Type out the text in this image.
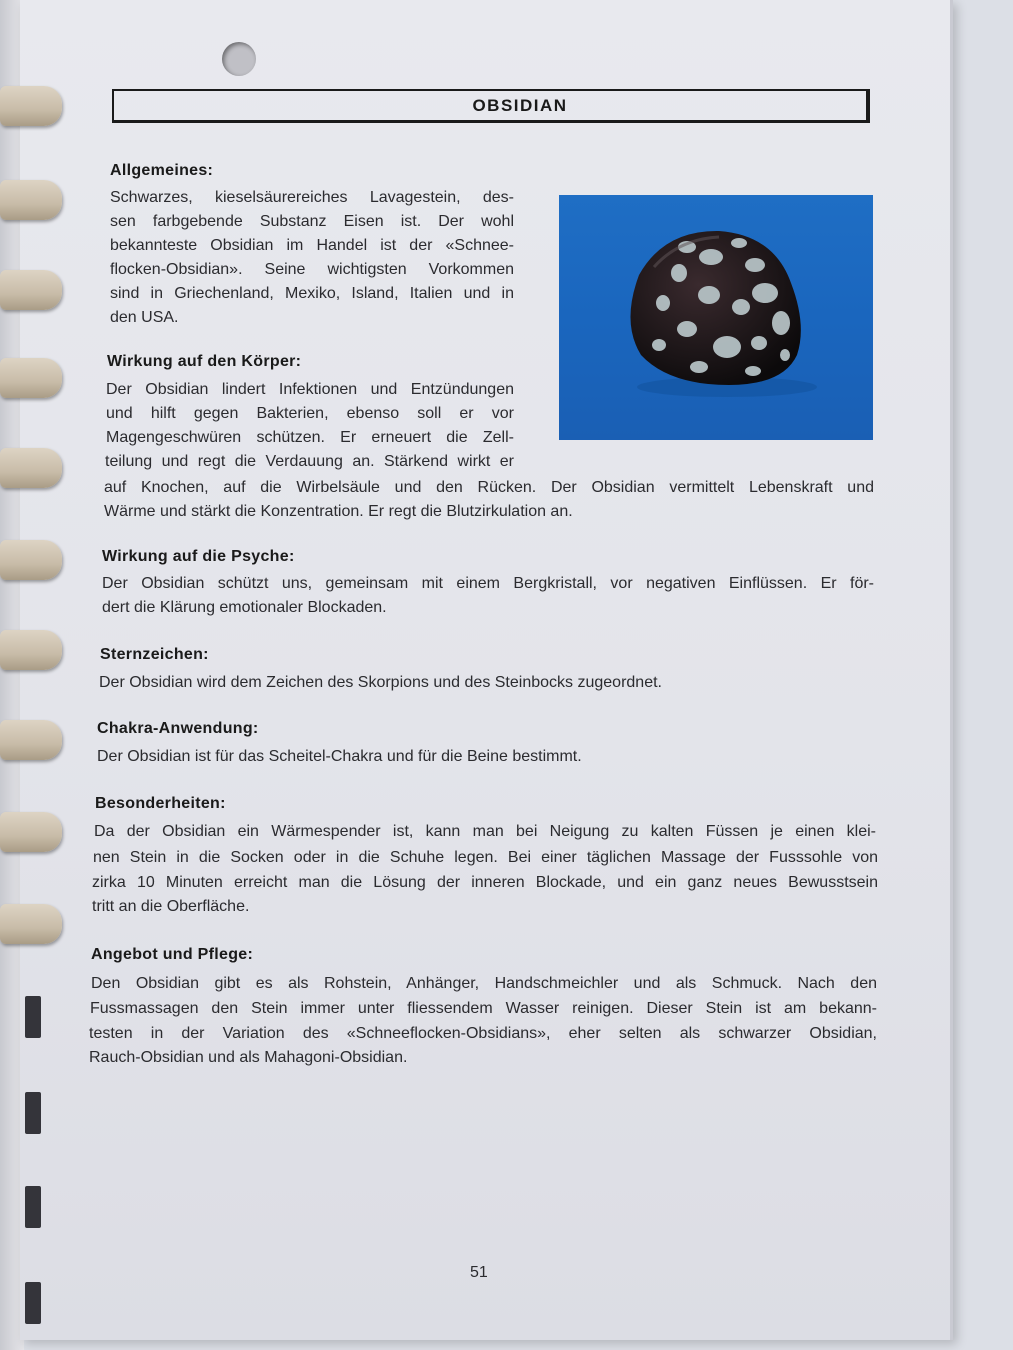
OBSIDIAN
Allgemeines:

Schwarzes, kieselsäurereiches Lavagestein, des-

sen farbgebende Substanz Eisen ist. Der wohl

bekannteste Obsidian im Handel ist der «Schnee-

flocken-Obsidian». Seine wichtigsten Vorkommen

sind in Griechenland, Mexiko, Island, Italien und in

den USA.

Wirkung auf den Körper:

Der Obsidian lindert Infektionen und Entzündungen

und hilft gegen Bakterien, ebenso soll er vor

Magengeschwüren schützen. Er erneuert die Zell-

teilung und regt die Verdauung an. Stärkend wirkt er

auf Knochen, auf die Wirbelsäule und den Rücken. Der Obsidian vermittelt Lebenskraft und

Wärme und stärkt die Konzentration. Er regt die Blutzirkulation an.

Wirkung auf die Psyche:

Der Obsidian schützt uns, gemeinsam mit einem Bergkristall, vor negativen Einflüssen. Er för-

dert die Klärung emotionaler Blockaden.

Sternzeichen:

Der Obsidian wird dem Zeichen des Skorpions und des Steinbocks zugeordnet.

Chakra-Anwendung:

Der Obsidian ist für das Scheitel-Chakra und für die Beine bestimmt.

Besonderheiten:

Da der Obsidian ein Wärmespender ist, kann man bei Neigung zu kalten Füssen je einen klei-

nen Stein in die Socken oder in die Schuhe legen. Bei einer täglichen Massage der Fusssohle von

zirka 10 Minuten erreicht man die Lösung der inneren Blockade, und ein ganz neues Bewusstsein

tritt an die Oberfläche.

Angebot und Pflege:

Den Obsidian gibt es als Rohstein, Anhänger, Handschmeichler und als Schmuck. Nach den

Fussmassagen den Stein immer unter fliessendem Wasser reinigen. Dieser Stein ist am bekann-

testen in der Variation des «Schneeflocken-Obsidians», eher selten als schwarzer Obsidian,

Rauch-Obsidian und als Mahagoni-Obsidian.

51
